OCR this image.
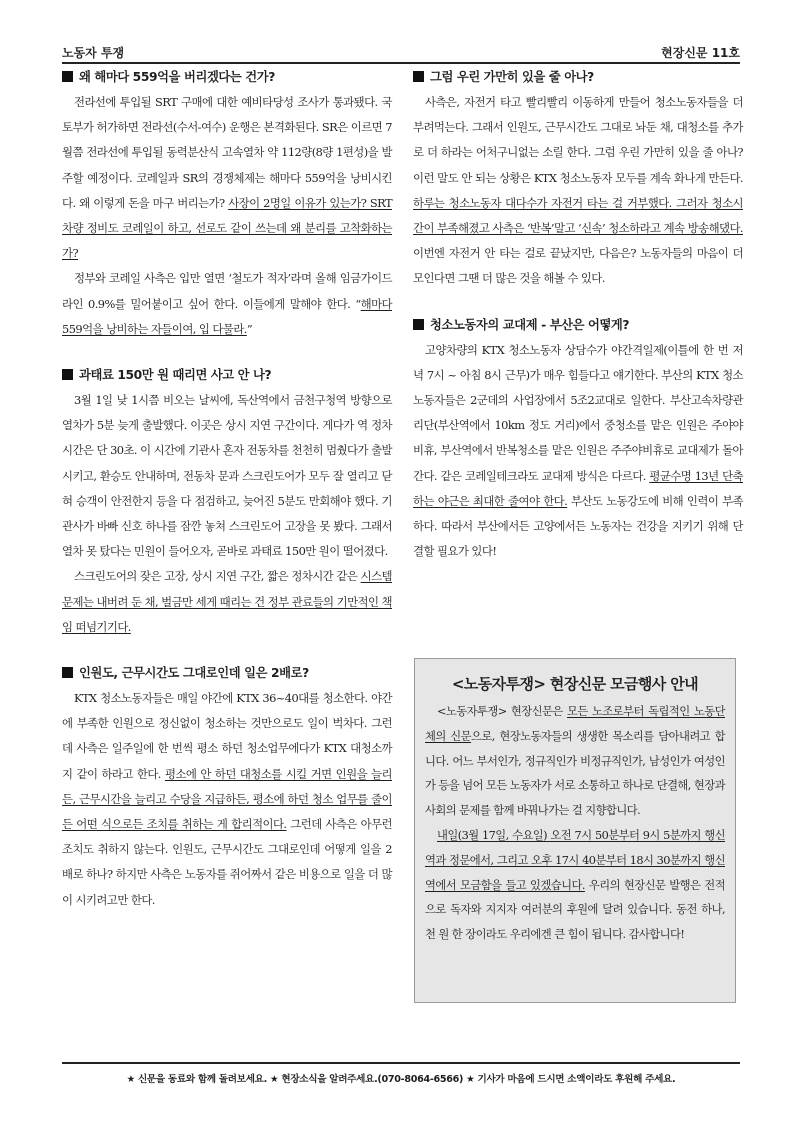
노동자 투쟁	현장신문 11호
왜 해마다 559억을 버리겠다는 건가?

전라선에 투입될 SRT 구매에 대한 예비타당성 조사가 통과됐다. 국토부가 허가하면 전라선(수서-여수) 운행은 본격화된다. SR은 이르면 7월쯤 전라선에 투입될 동력분산식 고속열차 약 112량(8량 1편성)을 발주할 예정이다. 코레일과 SR의 경쟁체제는 해마다 559억을 낭비시킨다. 왜 이렇게 돈을 마구 버리는가? 사장이 2명일 이유가 있는가? SRT 차량 정비도 코레일이 하고, 선로도 같이 쓰는데 왜 분리를 고착화하는가?

정부와 코레일 사측은 입만 열면 ‘철도가 적자’라며 올해 임금가이드라인 0.9%를 밀어붙이고 싶어 한다. 이들에게 말해야 한다. “해마다 559억을 낭비하는 자들이여, 입 다물라.”

과태료 150만 원 때리면 사고 안 나?

3월 1일 낮 1시쯤 비오는 날씨에, 독산역에서 금천구청역 방향으로 열차가 5분 늦게 출발했다. 이곳은 상시 지연 구간이다. 게다가 역 정차 시간은 단 30초. 이 시간에 기관사 혼자 전동차를 천천히 멈췄다가 출발시키고, 환승도 안내하며, 전동차 문과 스크린도어가 모두 잘 열리고 닫혀 승객이 안전한지 등을 다 점검하고, 늦어진 5분도 만회해야 했다. 기관사가 바빠 신호 하나를 잠깐 놓쳐 스크린도어 고장을 못 봤다. 그래서 열차 못 탔다는 민원이 들어오자, 곧바로 과태료 150만 원이 떨어졌다.

스크린도어의 잦은 고장, 상시 지연 구간, 짧은 정차시간 같은 시스템 문제는 내버려 둔 채, 벌금만 세게 때리는 건 정부 관료들의 기만적인 책임 떠넘기기다.

인원도, 근무시간도 그대로인데 일은 2배로?

KTX 청소노동자들은 매일 야간에 KTX 36~40대를 청소한다. 야간에 부족한 인원으로 정신없이 청소하는 것만으로도 일이 벅차다. 그런데 사측은 일주일에 한 번씩 평소 하던 청소업무에다가 KTX 대청소까지 같이 하라고 한다. 평소에 안 하던 대청소를 시킬 거면 인원을 늘리든, 근무시간을 늘리고 수당을 지급하든, 평소에 하던 청소 업무를 줄이든 어떤 식으로든 조치를 취하는 게 합리적이다. 그런데 사측은 아무런 조치도 취하지 않는다. 인원도, 근무시간도 그대로인데 어떻게 일을 2배로 하나? 하지만 사측은 노동자를 쥐어짜서 같은 비용으로 일을 더 많이 시키려고만 한다.

그럼 우린 가만히 있을 줄 아나?

사측은, 자전거 타고 빨리빨리 이동하게 만들어 청소노동자들을 더 부려먹는다. 그래서 인원도, 근무시간도 그대로 놔둔 채, 대청소를 추가로 더 하라는 어처구니없는 소릴 한다. 그럼 우린 가만히 있을 줄 아나? 이런 말도 안 되는 상황은 KTX 청소노동자 모두를 계속 화나게 만든다. 하루는 청소노동자 대다수가 자전거 타는 걸 거부했다. 그러자 청소시간이 부족해졌고 사측은 ‘반복’말고 ‘신속’ 청소하라고 계속 방송해댔다. 이번엔 자전거 안 타는 걸로 끝났지만, 다음은? 노동자들의 마음이 더 모인다면 그땐 더 많은 것을 해볼 수 있다.

청소노동자의 교대제 - 부산은 어떻게?

고양차량의 KTX 청소노동자 상담수가 야간격일제(이틀에 한 번 저녁 7시 ~ 아침 8시 근무)가 매우 힘들다고 얘기한다. 부산의 KTX 청소노동자들은 2군데의 사업장에서 5조2교대로 일한다. 부산고속차량관리단(부산역에서 10km 정도 거리)에서 중청소를 맡은 인원은 주야야비휴, 부산역에서 반복청소를 맡은 인원은 주주야비휴로 교대제가 돌아간다. 같은 코레일테크라도 교대제 방식은 다르다. 평균수명 13년 단축하는 야근은 최대한 줄여야 한다. 부산도 노동강도에 비해 인력이 부족하다. 따라서 부산에서든 고양에서든 노동자는 건강을 지키기 위해 단결할 필요가 있다!

<노동자투쟁> 현장신문 모금행사 안내

<노동자투쟁> 현장신문은 모든 노조로부터 독립적인 노동단체의 신문으로, 현장노동자들의 생생한 목소리를 담아내려고 합니다. 어느 부서인가, 정규직인가 비정규직인가, 남성인가 여성인가 등을 넘어 모든 노동자가 서로 소통하고 하나로 단결해, 현장과 사회의 문제를 함께 바꿔나가는 걸 지향합니다.

내일(3월 17일, 수요일) 오전 7시 50분부터 9시 5분까지 행신역과 정문에서, 그리고 오후 17시 40분부터 18시 30분까지 행신역에서 모금함을 들고 있겠습니다. 우리의 현장신문 발행은 전적으로 독자와 지지자 여러분의 후원에 달려 있습니다. 동전 하나, 천 원 한 장이라도 우리에겐 큰 힘이 됩니다. 감사합니다!

★ 신문을 동료와 함께 돌려보세요. ★ 현장소식을 알려주세요.(070-8064-6566) ★ 기사가 마음에 드시면 소액이라도 후원해 주세요.
